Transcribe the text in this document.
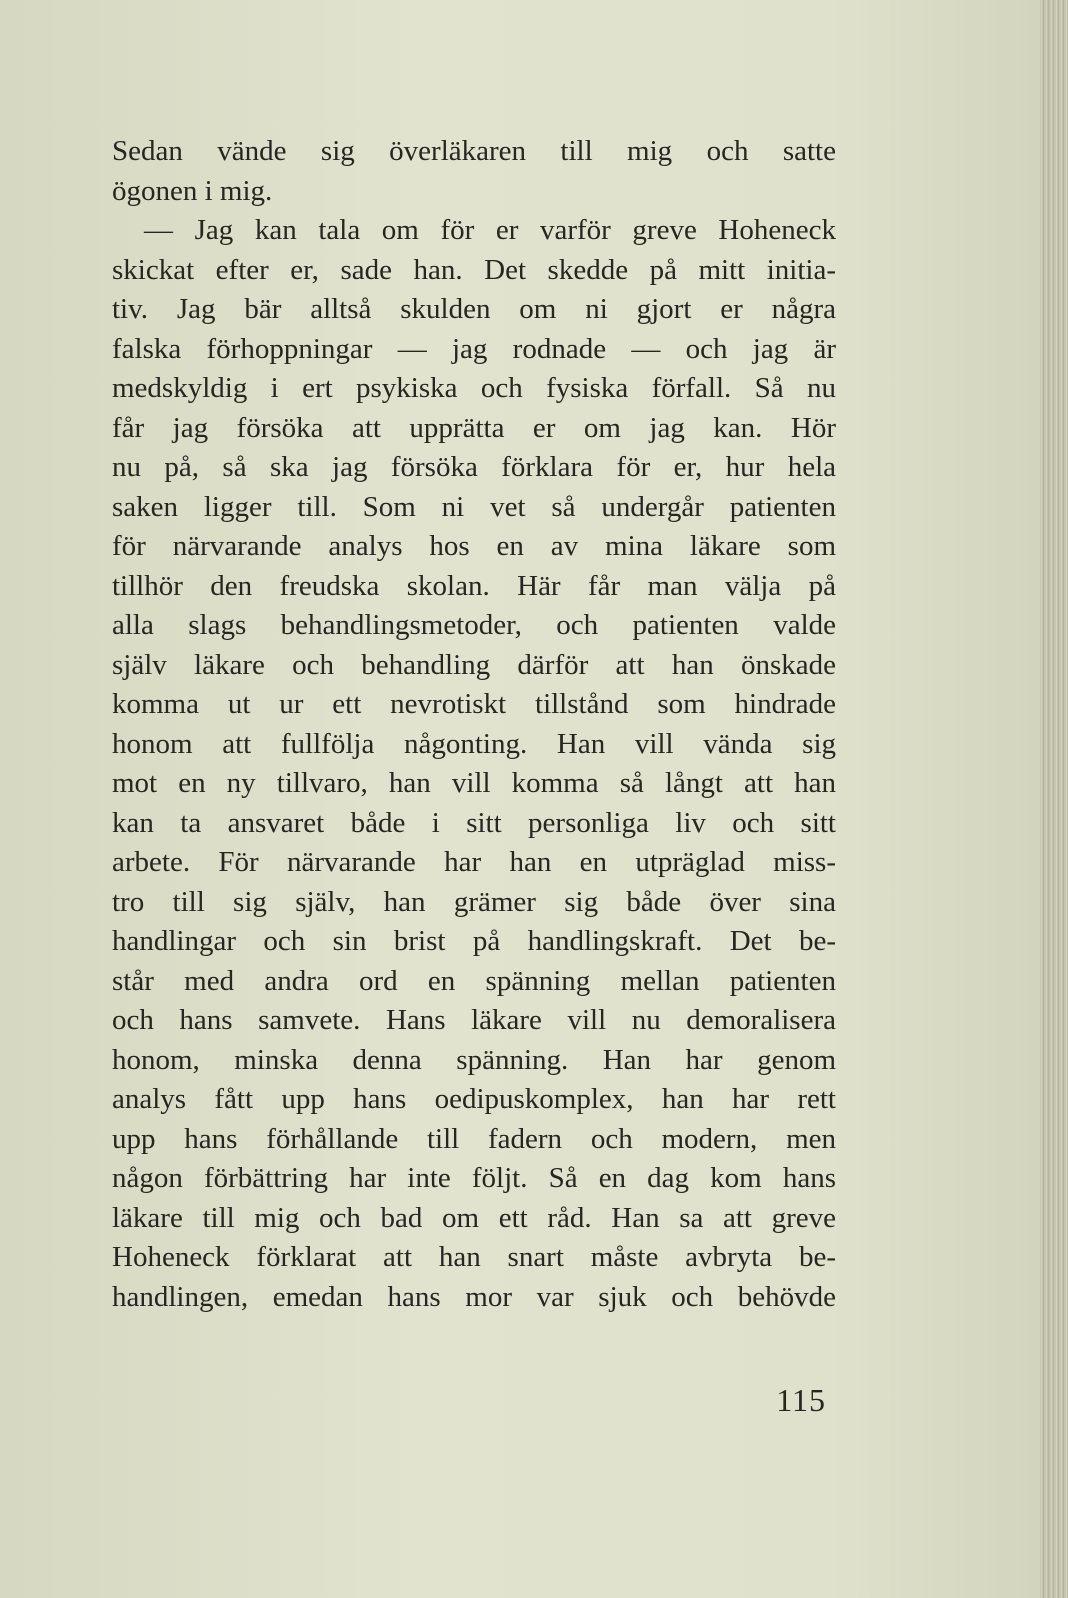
Sedan vände sig överläkaren till mig och satte
ögonen i mig.
— Jag kan tala om för er varför greve Hoheneck
skickat efter er, sade han. Det skedde på mitt initia-
tiv. Jag bär alltså skulden om ni gjort er några
falska förhoppningar — jag rodnade — och jag är
medskyldig i ert psykiska och fysiska förfall. Så nu
får jag försöka att upprätta er om jag kan. Hör
nu på, så ska jag försöka förklara för er, hur hela
saken ligger till. Som ni vet så undergår patienten
för närvarande analys hos en av mina läkare som
tillhör den freudska skolan. Här får man välja på
alla slags behandlingsmetoder, och patienten valde
själv läkare och behandling därför att han önskade
komma ut ur ett nevrotiskt tillstånd som hindrade
honom att fullfölja någonting. Han vill vända sig
mot en ny tillvaro, han vill komma så långt att han
kan ta ansvaret både i sitt personliga liv och sitt
arbete. För närvarande har han en utpräglad miss-
tro till sig själv, han grämer sig både över sina
handlingar och sin brist på handlingskraft. Det be-
står med andra ord en spänning mellan patienten
och hans samvete. Hans läkare vill nu demoralisera
honom, minska denna spänning. Han har genom
analys fått upp hans oedipuskomplex, han har rett
upp hans förhållande till fadern och modern, men
någon förbättring har inte följt. Så en dag kom hans
läkare till mig och bad om ett råd. Han sa att greve
Hoheneck förklarat att han snart måste avbryta be-
handlingen, emedan hans mor var sjuk och behövde
115
